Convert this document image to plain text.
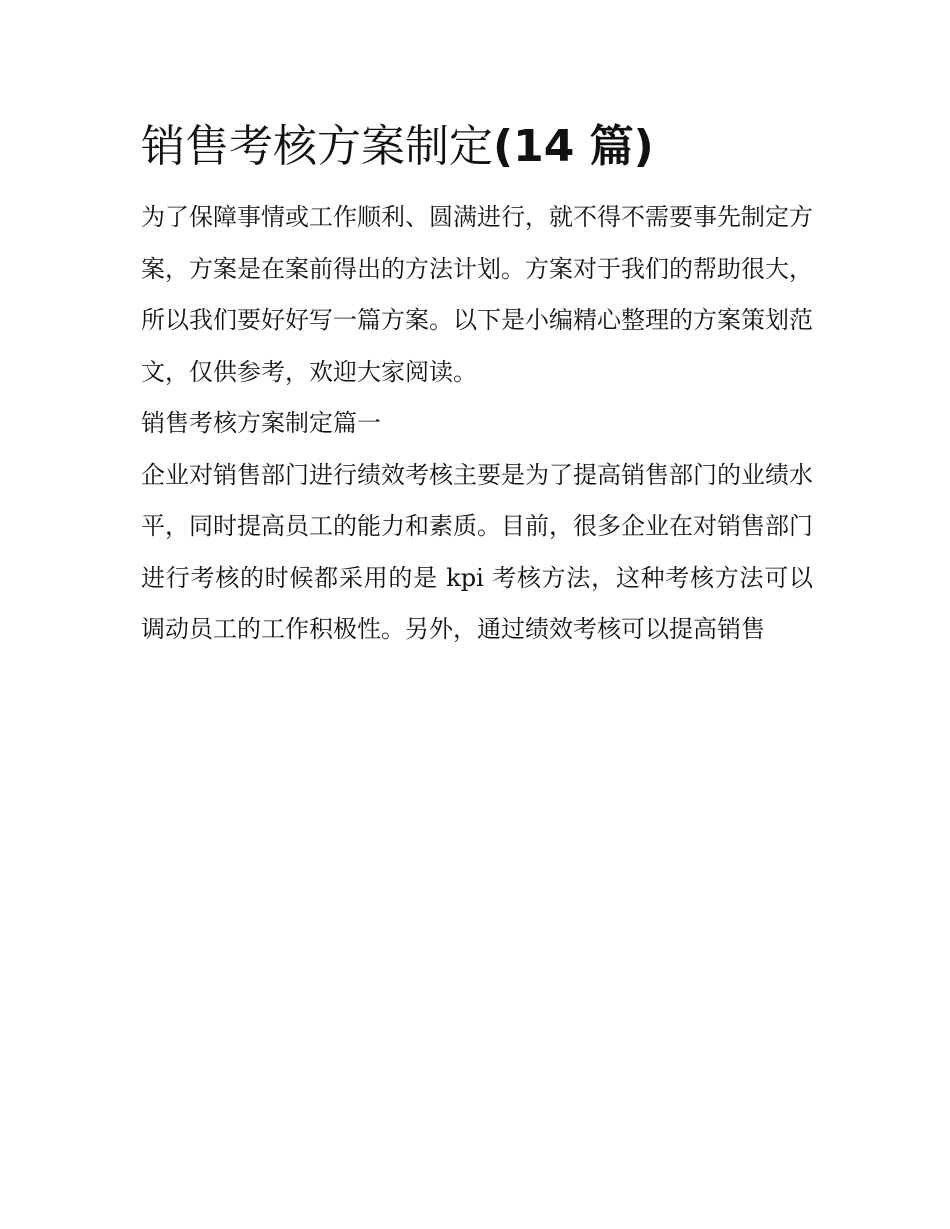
销售考核方案制定(14 篇)

为了保障事情或工作顺利、圆满进行，就不得不需要事先制定方案，方案是在案前得出的方法计划。方案对于我们的帮助很大，所以我们要好好写一篇方案。以下是小编精心整理的方案策划范文，仅供参考，欢迎大家阅读。

销售考核方案制定篇一

企业对销售部门进行绩效考核主要是为了提高销售部门的业绩水平，同时提高员工的能力和素质。目前，很多企业在对销售部门进行考核的时候都采用的是 kpi 考核方法，这种考核方法可以调动员工的工作积极性。另外，通过绩效考核可以提高销售
